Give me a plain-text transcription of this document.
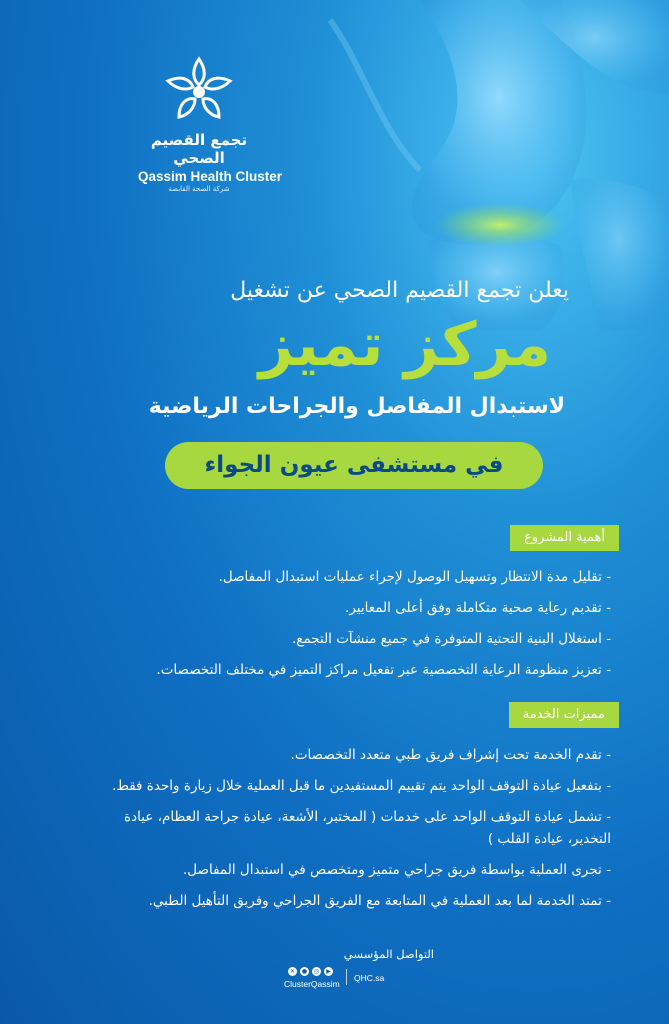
تجمع القصيم الصحي
Qassim Health Cluster
شركة الصحة القابضة
يعلن تجمع القصيم الصحي عن تشغيل
مركز تميز
لاستبدال المفاصل والجراحات الرياضية
في مستشفى عيون الجواء
أهمية المشروع
- تقليل مدة الانتظار وتسهيل الوصول لإجراء عمليات استبدال المفاصل.
- تقديم رعاية صحية متكاملة وفق أعلى المعايير.
- استغلال البنية التحتية المتوفرة في جميع منشآت التجمع.
- تعزيز منظومة الرعاية التخصصية عبر تفعيل مراكز التميز في مختلف التخصصات.
مميزات الخدمة
- تقدم الخدمة تحت إشراف فريق طبي متعدد التخصصات.
- بتفعيل عيادة التوقف الواحد يتم تقييم المستفيدين ما قبل العملية خلال زيارة واحدة فقط.
- تشمل عيادة التوقف الواحد على خدمات ( المختبر، الأشعة، عيادة جراحة العظام، عيادة التخدير، عيادة القلب )
- تجرى العملية بواسطة فريق جراحي متميز ومتخصص في استبدال المفاصل.
- تمتد الخدمة لما بعد العملية في المتابعة مع الفريق الجراحي وفريق التأهيل الطبي.
التواصل المؤسسي
✕	●	◎	▶
ClusterQassim
QHC.sa
